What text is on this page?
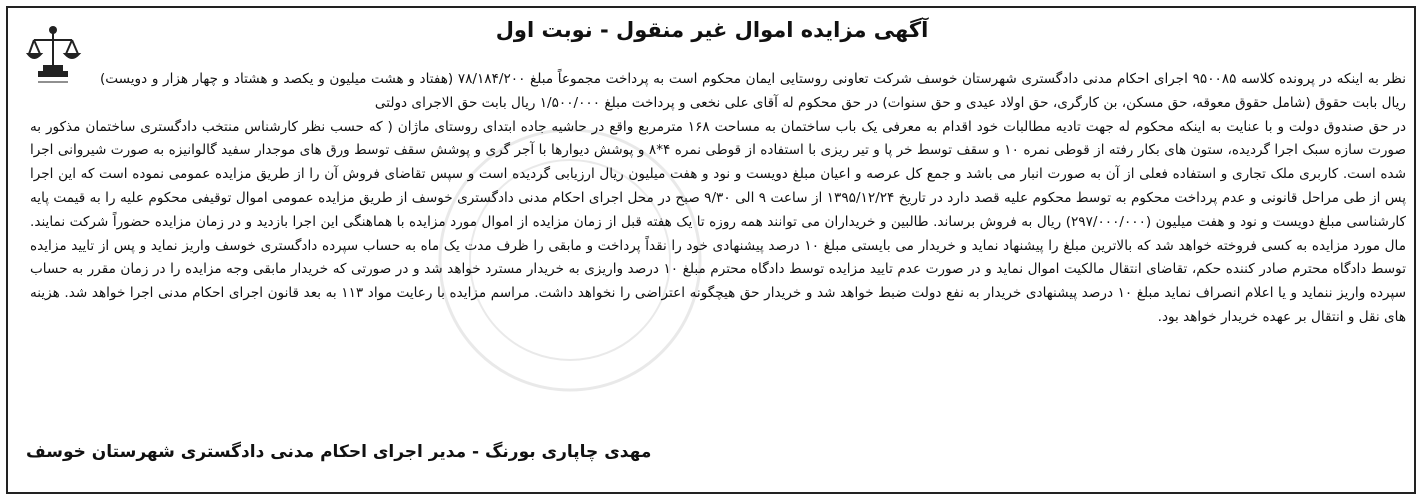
آگهی مزایده اموال غیر منقول - نوبت اول

نظر به اینکه در پرونده کلاسه ۹۵۰۰۸۵ اجرای احکام مدنی دادگستری شهرستان خوسف شرکت تعاونی روستایی ایمان محکوم است به پرداخت مجموعاً مبلغ ۷۸/۱۸۴/۲۰۰ (هفتاد و هشت میلیون و یکصد و هشتاد و چهار هزار و دویست) ریال بابت حقوق (شامل حقوق معوقه، حق مسکن، بن کارگری، حق اولاد عیدی و حق سنوات) در حق محکوم له آقای علی نخعی و پرداخت مبلغ ۱/۵۰۰/۰۰۰ ریال بابت حق الاجرای دولتی

در حق صندوق دولت و با عنایت به اینکه محکوم له جهت تادیه مطالبات خود اقدام به معرفی یک باب ساختمان به مساحت ۱۶۸ مترمربع واقع در حاشیه جاده ابتدای روستای ماژان ( که حسب نظر کارشناس منتخب دادگستری ساختمان مذکور به صورت سازه سبک اجرا گردیده، ستون های بکار رفته از قوطی نمره ۱۰ و سقف توسط خر پا و تیر ریزی با استفاده از قوطی نمره ۴*۸ و پوشش دیوارها با آجر گری و پوشش سقف توسط ورق های موجدار سفید گالوانیزه به صورت شیروانی اجرا شده است. کاربری ملک تجاری و استفاده فعلی از آن به صورت انبار می باشد و جمع کل عرصه و اعیان مبلغ دویست و نود و هفت میلیون ریال ارزیابی گردیده است و سپس تقاضای فروش آن را از طریق مزایده عمومی نموده است که این اجرا پس از طی مراحل قانونی و عدم پرداخت محکوم به توسط محکوم علیه قصد دارد در تاریخ ۱۳۹۵/۱۲/۲۴ از ساعت ۹ الی ۹/۳۰ صبح در محل اجرای احکام مدنی دادگستری خوسف از طریق مزایده عمومی اموال توقیفی محکوم علیه را به قیمت پایه کارشناسی مبلغ دویست و نود و هفت میلیون (۲۹۷/۰۰۰/۰۰۰) ریال به فروش برساند. طالبین و خریداران می توانند همه روزه تا یک هفته قبل از زمان مزایده از اموال مورد مزایده با هماهنگی این اجرا بازدید و در زمان مزایده حضوراً شرکت نمایند. مال مورد مزایده به کسی فروخته خواهد شد که بالاترین مبلغ را پیشنهاد نماید و خریدار می بایستی مبلغ ۱۰ درصد پیشنهادی خود را نقداً پرداخت و مابقی را ظرف مدت یک ماه به حساب سپرده دادگستری خوسف واریز نماید و پس از تایید مزایده توسط دادگاه محترم صادر کننده حکم، تقاضای انتقال مالکیت اموال نماید و در صورت عدم تایید مزایده توسط دادگاه محترم مبلغ ۱۰ درصد واریزی به خریدار مسترد خواهد شد و در صورتی که خریدار مابقی وجه مزایده را در زمان مقرر به حساب سپرده واریز ننماید و یا اعلام انصراف نماید مبلغ ۱۰ درصد پیشنهادی خریدار به نفع دولت ضبط خواهد شد و خریدار حق هیچگونه اعتراضی را نخواهد داشت. مراسم مزایده با رعایت مواد ۱۱۳ به بعد قانون اجرای احکام مدنی اجرا خواهد شد. هزینه های نقل و انتقال بر عهده خریدار خواهد بود.

مهدی چاپاری بورنگ - مدیر اجرای احکام مدنی دادگستری شهرستان خوسف
